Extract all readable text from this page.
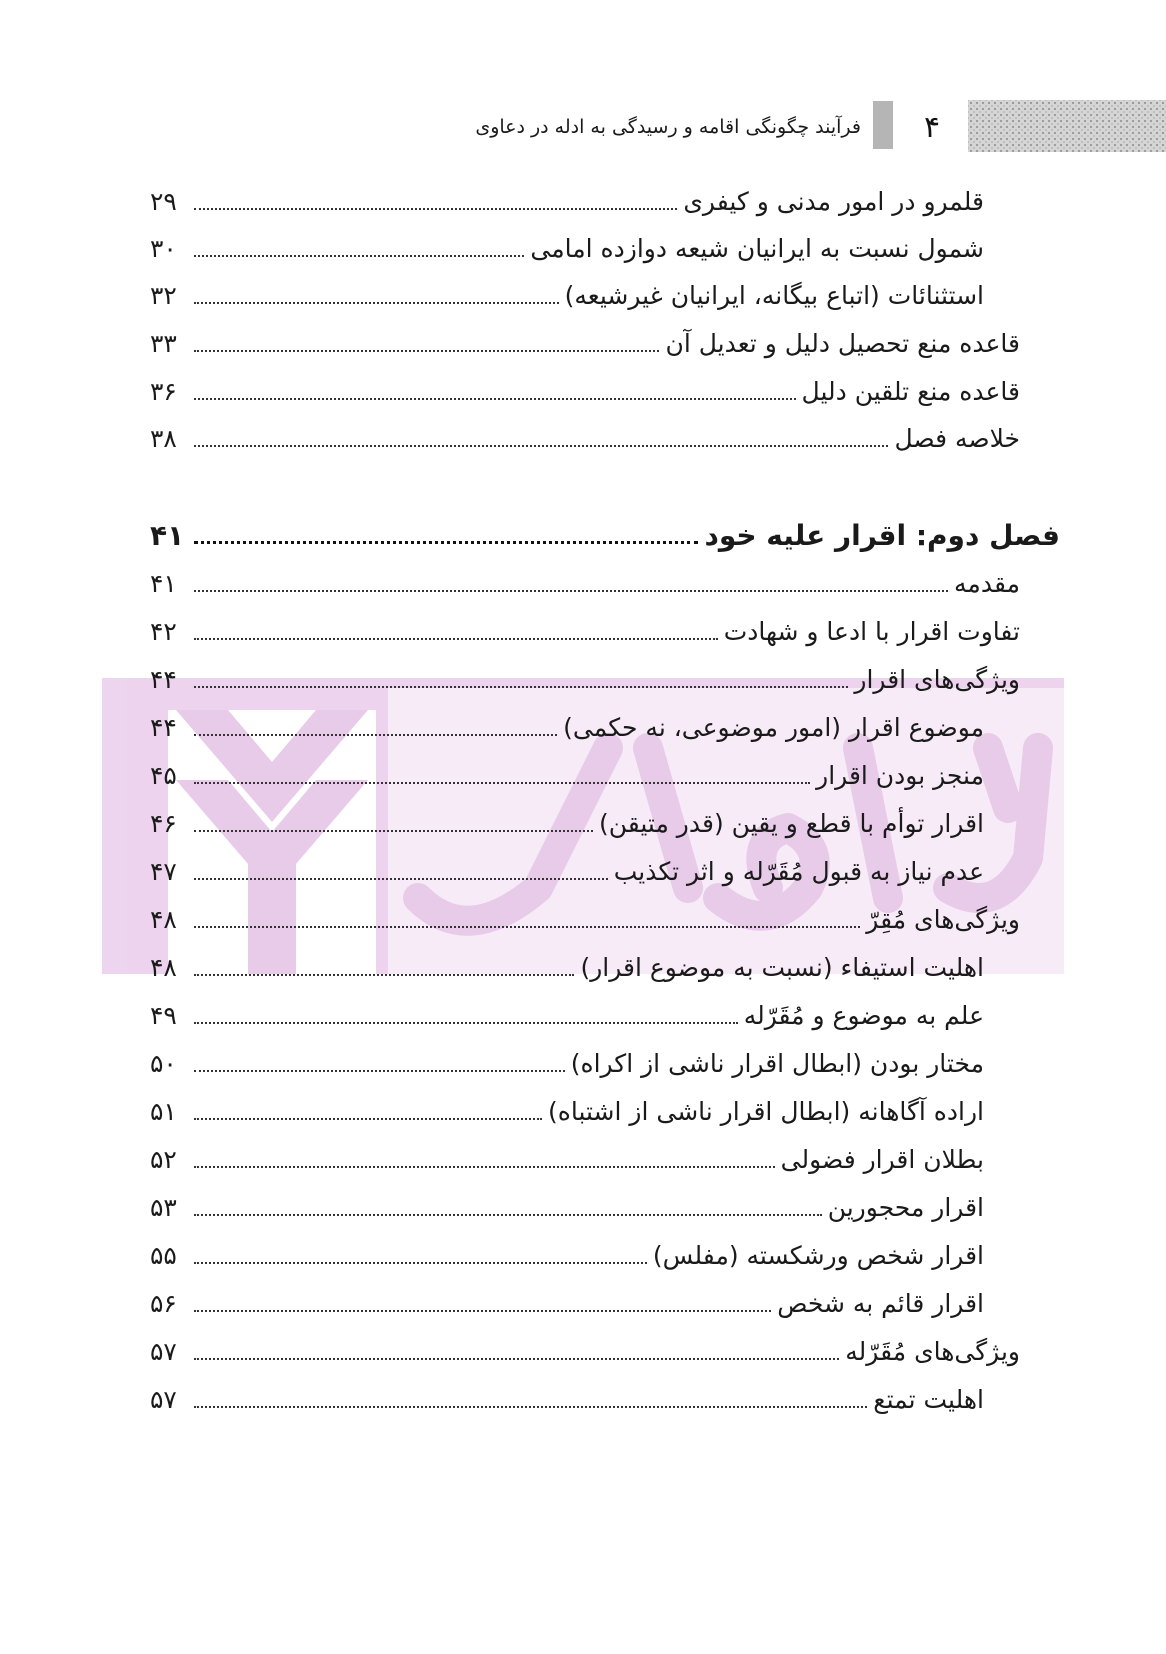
۴
فرآیند چگونگی اقامه و رسیدگی به ادله در دعاوی
قلمرو در امور مدنی و کیفری
۲۹
شمول نسبت به ایرانیان شیعه دوازده امامی
۳۰
استثنائات (اتباع بیگانه، ایرانیان غیرشیعه)
۳۲
قاعده منع تحصیل دلیل و تعدیل آن
۳۳
قاعده منع تلقین دلیل
۳۶
خلاصه فصل
۳۸
فصل دوم: اقرار علیه خود
۴۱
مقدمه
۴۱
تفاوت اقرار با ادعا و شهادت
۴۲
ویژگی‌های اقرار
۴۴
موضوع اقرار (امور موضوعی، نه حکمی)
۴۴
منجز بودن اقرار
۴۵
اقرار توأم با قطع و یقین (قدر متیقن)
۴۶
عدم نیاز به قبول مُقَرّله و اثر تکذیب
۴۷
ویژگی‌های مُقِرّ
۴۸
اهلیت استیفاء (نسبت به موضوع اقرار)
۴۸
علم به موضوع و مُقَرّله
۴۹
مختار بودن (ابطال اقرار ناشی از اکراه)
۵۰
اراده آگاهانه (ابطال اقرار ناشی از اشتباه)
۵۱
بطلان اقرار فضولی
۵۲
اقرار محجورین
۵۳
اقرار شخص ورشکسته (مفلس)
۵۵
اقرار قائم به شخص
۵۶
ویژگی‌های مُقَرّله
۵۷
اهلیت تمتع
۵۷
